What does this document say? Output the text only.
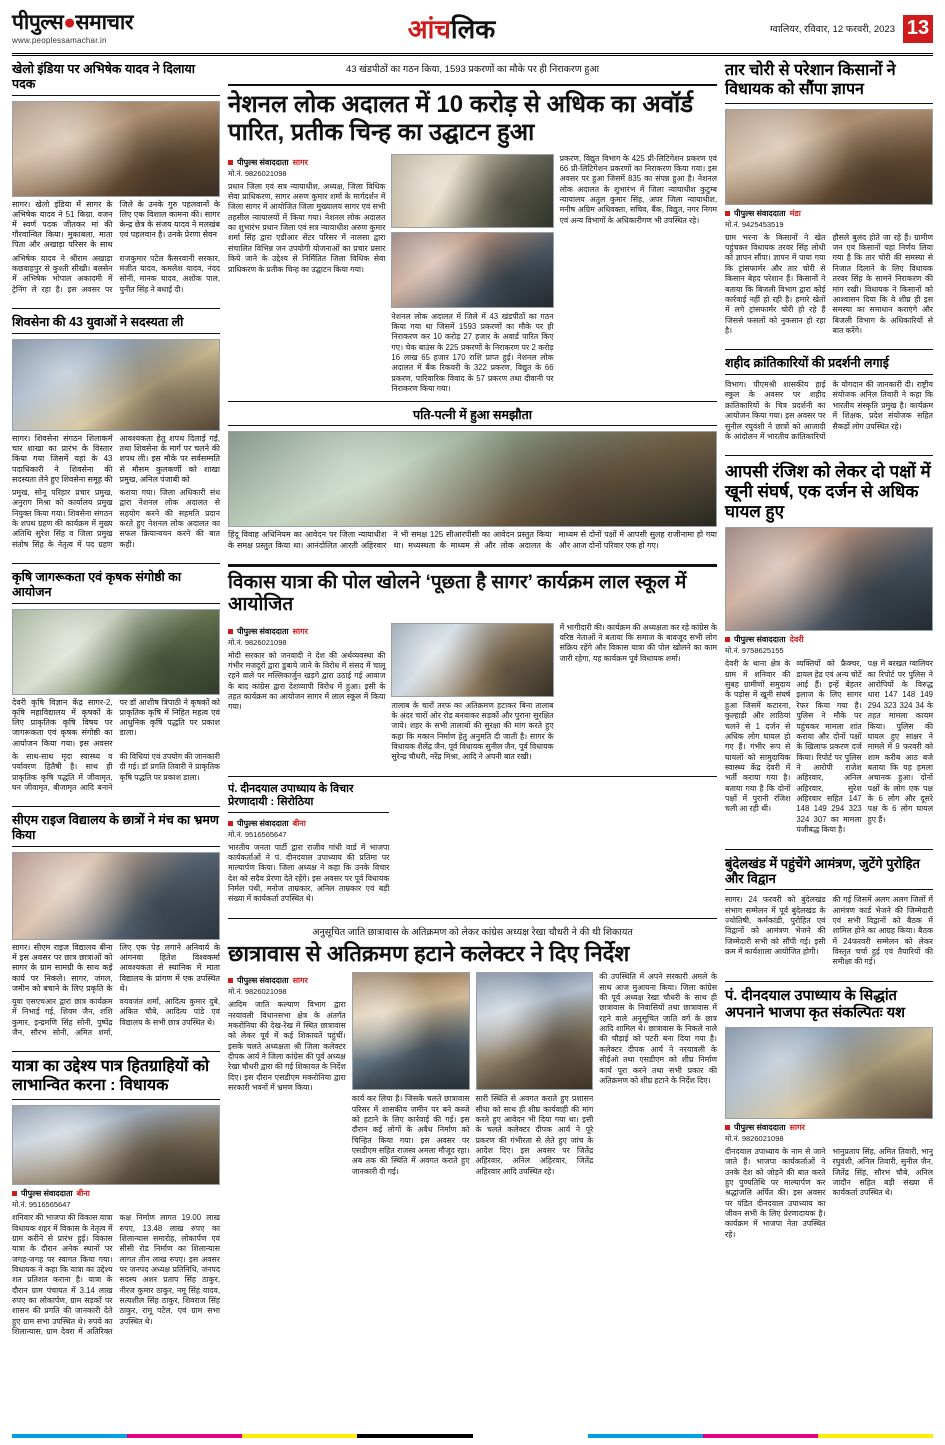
पीपुल्स●समाचार
www.peoplessamachar.in	आंचलिक	ग्वालियर, रविवार, 12 फरवरी, 2023 13
खेलो इंडिया पर अभिषेक यादव ने दिलाया पदक
सागर। खेलो इंडिया में सागर के अभिषेक यादव ने 51 किग्रा. वजन में स्वर्ण पदक जीतकर मां की गौरवान्वित किया। मुकाबला, माता पिता और अखाड़ा परिसर के साथ जिले के उनके गुरु पहलवानों के लिए एक विशाल कामना की। सागर केन्द्र छेत्र के संजय यादव ने मलखंब एवं पहलवान है। उनके प्रेरणा सेवन
अभिषेक यादव ने श्रीराम अखाड़ा कछवाहपुर से कुश्ती सीखी। बलसेन में अभिषेक भोपाल अकादमी में ट्रेनिंग ले रहा है। इस अवसर पर राजकुमार पटेल कैसरवानी सरकार, मंजीत यादव, कमलेश यादव, नंदद सोनी, मानक यादव, अशोक पाल, पुनीत सिंह ने बधाई दी।
शिवसेना की 43 युवाओं ने सदस्यता ली
सागर। शिवसेना संगठन शिलाकर्म चार शाखा का प्रारंभ के विस्तार किया गया जिसमें यहां के 43 पदाधिकारी ने शिवसेना की सदस्यता लेने हुए शिवसेना समूह की आवश्यकता हेतु शपथ दिलाई गई, तथा शिवसेना के मार्ग पर चलने की शपथ ली। इस मौके पर सर्वसम्मति से मौसम कुलकर्णी को शाखा प्रमुख, अनिल पंजाबी को
प्रमुख, सोनू परिहार प्रचार प्रमुख, अनुराग मिश्रा को कार्यालय प्रमुख नियुक्त किया गया। शिवसेना संगठन के शपथ ग्रहण की कार्यक्रम में मुख्य अतिथि सुरेश सिंह व जिला प्रमुख संतोष सिंह के नेतृत्व में पद ग्रहण कराया गया। जिला अधिकारी संध द्वारा नेशनल लोक अदालत से सहयोग करने की सहमति प्रदान करते हुए नेशनल लोक अदालत का सफल क्रियान्वयन करने की बात कही।
कृषि जागरूकता एवं कृषक संगोष्ठी का आयोजन
देवरी कृषि विज्ञान केंद्र सागर-2, कृषि महाविद्यालय में कृषकों के लिए प्राकृतिक कृषि विषय पर जागरूकता एवं कृषक संगोष्ठी का आयोजन किया गया। इस अवसर पर डॉ आशीष त्रिपाठी ने कृषकों को प्राकृतिक कृषि में निहित महत्व एवं आधुनिक कृषि पद्धति पर प्रकाश डाला।
के साथ-साथ मृदा स्वास्थ्य व पर्यावरण हितैषी है। साथ ही प्राकृतिक कृषि पद्धति में जीवामृत, घन जीवामृत, बीजामृत आदि बनाने की विधियां एवं उपयोग की जानकारी दी गई। डॉ प्रगति तिवारी ने प्राकृतिक कृषि पद्धति पर प्रकाश डाला।
सीएम राइज विद्यालय के छात्रों ने मंच का भ्रमण किया
सागर। सीएम राइज विद्यालय बीना में इस अवसर पर छात्र छात्राओं को सागर के ग्राम सामग्री के साथ कई कार्य पर निकले। सागर, जंगल, जमीन को बचाने के लिए प्रकृति के लिए एक पेड़ लगाने अनिवार्य के आंगनवा हितेश विश्वकर्मा आवश्यकता से स्थानिक में माता विद्यालय के प्रांगण में एक उपस्थित थे।
युवा एसएचआर द्वारा छात्र कार्यक्रम में निभाई गई, शिवम जैन, शशि कुमार, इन्द्रमणि सिंह सोनी, पुष्पेंद्र जैन, सौरभ सोनी, अमित शर्मा, वयवजंत शर्मा, आदित्य कुमार दुबे, अंकित चौबे, आदित्य पांडे एवं विद्यालय के सभी छात्र उपस्थित थे।
यात्रा का उद्देश्य पात्र हितग्राहियों को लाभान्वित करना : विधायक
पीपुल्स संवाददाता बीना
मो.नं. 9516565647
शनिवार की भाजपा की विकास यात्रा विधायक शहर में विकास के नेतृत्व में ग्राम करीने से प्रारंभ हुई। विकास यात्रा के दौरान अनेक स्थानों पर जगह-जगह पर स्वागत किया गया। विधायक ने कहा कि यात्रा का उद्देश्य शत प्रतिशत कराना है। यात्रा के दौरान ग्राम पंचायत में 3.14 लाख रुपए का लोकार्पण, ग्राम सड़कों पर शासन की प्रगति की जानकारी देते हुए ग्राम सभा उपस्थित थे। रुपये का शिलान्यास, ग्राम देवरा में अतिरिक्त कक्ष निर्माण लागत 19.00 लाख रुपए, 13.48 लाख रुपए का शिलान्यास समारोह, लोकार्पण एवं सीसी रोड निर्माण का शिलान्यास लागत तीन लाख रुपए। इस अवसर पर जनपद अध्यक्ष प्रतिनिधि, जनपद सदस्य अशर प्रताप सिंह ठाकुर, नीरज कुमार ठाकुर, नमू सिंह यादव, सत्यशील सिंह ठाकुर, शिवराज सिंह ठाकुर, रामू पटेल, एवं ग्राम सभा उपस्थित थे।
43 खंडपीठों का गठन किया, 1593 प्रकरणों का मौके पर ही निराकरण हुआ
नेशनल लोक अदालत में 10 करोड़ से अधिक का अवॉर्ड पारित, प्रतीक चिन्ह का उद्घाटन हुआ
पीपुल्स संवाददाता सागर
मो.नं. 9826021098
प्रधान जिला एवं सत्र न्यायाधीश, अध्यक्ष, जिला विधिक सेवा प्राधिकरण, सागर अरुण कुमार शर्मा के मार्गदर्शन में जिला सागर में आयोजित जिला मुख्यालय सागर एवं सभी तहसील न्यायालयों में किया गया। नेशनल लोक अदालत का शुभारंभ प्रधान जिला एवं सत्र न्यायाधीश अरुण कुमार शर्मा सिंह द्वारा एडीआर सेंटर परिसर में नालसा द्वारा संचालित विभिन्न जन उपयोगी योजनाओं का प्रचार प्रसार किये जाने के उद्देश्य से निर्मितित जिला विधिक सेवा प्राधिकरण के प्रतीक चिन्ह का उद्घाटन किया गया।
नेशनल लोक अदालत में जिले में 43 खंडपीठों का गठन किया गया था जिसमें 1593 प्रकरणों का मौके पर ही निराकरण कर 10 करोड़ 27 हजार के अवार्ड पारित किए गए। चेक बाउंस के 225 प्रकरणों के निराकरण पर 2 करोड़ 16 लाख 65 हजार 170 राशि प्राप्त हुई। नेशनल लोक अदालत में बैंक रिकवरी के 322 प्रकरण, विद्युत के 66 प्रकरण, पारिवारिक विवाद के 57 प्रकरण तथा दीवानी पर निराकरण किया गया।
प्रकरण, विद्युत विभाग के 425 प्री-लिटिगेशन प्रकरण एवं 66 प्री-लिटिगेशन प्रकरणों का निराकरण किया गया। इस अवसर पर हुआ जिसमें 835 का संपन्न हुआ है। नेशनल लोक अदालत के शुभारंभ में जिला न्यायाधीश कुटुम्ब न्यायालय अतुल कुमार सिंह, अपर जिला न्यायाधीश, मनीष अग्रिम अधिवक्ता, सचिव, बैंक, विद्युत, नगर निगम एवं अन्य विभागों के अधिकारीगण भी उपस्थित रहे।
पति-पत्नी में हुआ समझौता
हिंदू विवाह अधिनियम का आवेदन पर जिला न्यायाधीश के समक्ष प्रस्तुत किया था। आनंदोलित आरती अहिरवार ने भी समक्ष 125 सीआरपीसी का आवेदन प्रस्तुत किया था। मध्यस्थता के माध्यम से और लोक अदालत के माध्यम से दोनों पक्षों में आपसी सुलह राजीनामा हो गया और आज दोनों परिवार एक हो गए।
विकास यात्रा की पोल खोलने ‘पूछता है सागर’ कार्यक्रम लाल स्कूल में आयोजित
पीपुल्स संवाददाता सागर
मो.नं. 9826021098
मोदी सरकार को जनवादी ने देश की अर्थव्यवस्था की गंभीर मजदूरों द्वारा डुबाये जाने के विरोध में संसद में चालू रहने वाले पर मल्लिकार्जुन खड़गे द्वारा उठाई गई आवाज के बाद कांग्रेस द्वारा देशव्यापी विरोध में हुआ। इसी के तहत कार्यक्रम का आयोजन सागर में लाल स्कूल में किया गया।	तालाब के चारों तरफ का अतिक्रमण हटाकर बिना तालाब के अंदर चारों ओर रोड बनवाकर सड़कों और पुराना सुरक्षित जाये। शहर के सभी तालाबों की सुरक्षा की मांग करते हुए कहा कि मकान निर्माण हेतु अनुमति दी जाती है। सागर के विधायक शैलेंद्र जैन, पूर्व विधायक सुनील जैन, पूर्व विधायक सुरेन्द्र चौधरी, नरेंद्र मिश्रा, आदि ने अपनी बात रखी।
में भागीदारी की। कार्यक्रम की अध्यक्षता कर रहे कांग्रेस के वरिष्ठ नेताओं ने बताया कि समाज के बावजूद सभी लोग सक्रिय रहेंगे और विकास यात्रा की पोल खोलने का काम जारी रहेगा, यह कार्यक्रम पूर्व विधायक शर्मा।
पं. दीनदयाल उपाध्याय के विचार प्रेरणादायी : सिरोठिया
पीपुल्स संवाददाता बीना
मो.नं. 9516565647
भारतीय जनता पार्टी द्वारा राजीव गांधी वार्ड में भाजपा कार्यकर्ताओं ने पं. दीनदयाल उपाध्याय की प्रतिमा पर माल्यार्पण किया। जिला अध्यक्ष ने कहा कि उनके विचार देश को सदैव प्रेरणा देते रहेंगे। इस अवसर पर पूर्व विधायक निर्मल पंथी, मनोज ताम्रकार, अनिल ताम्रकार एवं बड़ी संख्या में कार्यकर्ता उपस्थित थे।
अनुसूचित जाति छात्रावास के अतिक्रमण को लेकर कांग्रेस अध्यक्ष रेखा चौधरी ने की थी शिकायत
छात्रावास से अतिक्रमण हटाने कलेक्टर ने दिए निर्देश
पीपुल्स संवाददाता सागर
मो.नं. 9826021098
आदिम जाति कल्याण विभाग द्वारा नरयावली विधानसभा क्षेत्र के अंतर्गत मकरोनिया की देख-रेख में स्थित छात्रावास को लेकर पूर्व में कई शिकायतें पहुंचीं। इसके चलते अध्यक्षता श्री जिला कलेक्टर दीपक आर्य ने जिला कांग्रेस की पूर्व अध्यक्ष रेखा चौधरी द्वारा की गई शिकायत के निर्देश दिए। इस दौरान एसडीएम मकरोनिया द्वारा सरकारी भवनों में भ्रमण किया।
कार्य कर लिया है। जिसके चलते छात्रावास परिसर में शासकीय जमीन पर बने कब्जे को हटाने के लिए कार्रवाई की गई। इस दौरान कई लोगों के अवैध निर्माण को चिन्हित किया गया। इस अवसर पर एसडीएम सहित राजस्व अमला मौजूद रहा। अब तक की स्थिति में अवगत कराते हुए जानकारी दी गई।
सारी स्थिति से अवगत कराते हुए प्रशासन सीधा को साथ ही शीघ्र कार्यवाही की मांग करते हुए आवेदन भी दिया गया था। इसी के चलते कलेक्टर दीपक आर्य ने पूरे प्रकरण की गंभीरता से लेते हुए जांच के आदेश दिए। इस अवसर पर जितेंद्र अहिरवार, अनिल अहिरवार, जितेंद्र अहिरवार आदि उपस्थित रहे।
की उपस्थिति में अपने सरकारी अमले के साथ आज मुआयना किया। जिला कांग्रेस की पूर्व अध्यक्ष रेखा चौधरी के साथ ही छात्रावास के निवासियों तथा छात्रावास में रहने वाले अनुसूचित जाति वर्ग के छात्र आदि शामिल थे। छात्रावास के निकले नाले की चौड़ाई को पटरी बना दिया गया है। कलेक्टर दीपक आर्य ने नरयावली के सीईओ तथा एसडीएम को शीघ्र निर्माण कार्य पूरा करने तथा सभी प्रकार की अतिक्रमण को शीघ्र हटाने के निर्देश दिए।
तार चोरी से परेशान किसानों ने विधायक को सौंपा ज्ञापन
पीपुल्स संवाददाता मंडा
मो.नं. 9425453519
ग्राम भरना के किसानों ने खेत पहुंचकर विधायक तरवर सिंह लोधी को ज्ञापन सौंपा। ज्ञापन में पाया गया कि ट्रांसफार्मर और तार चोरी से किसान बेहद परेशान हैं। किसानों ने बताया कि बिजली विभाग द्वारा कोई कार्रवाई नहीं हो रही है। हमारे खेतों में लगे ट्रांसफार्मर चोरी हो रहे हैं जिससे फसलों को नुकसान हो रहा है।
हौसले बुलंद होते जा रहे हैं। ग्रामीण जन एवं किसानों यहां निर्णय लिया गया है कि तार चोरी की समस्या से निजात दिलाने के लिए विधायक तरवर सिंह के सामने निराकरण की मांग रखी। विधायक ने किसानों को आश्वासन दिया कि वे शीघ्र ही इस समस्या का समाधान कराएंगे और बिजली विभाग के अधिकारियों से बात करेंगे।
शहीद क्रांतिकारियों की प्रदर्शनी लगाई
विभाग। पीएमश्री शासकीय हाई स्कूल के अवसर पर शहीद क्रांतिकारियों के चित्र प्रदर्शनी का आयोजन किया गया। इस अवसर पर सुनील रघुवंशी ने छात्रों को आजादी के आंदोलन में भारतीय क्रांतिकारियों के योगदान की जानकारी दी। राष्ट्रीय संयोजक अनिल तिवारी ने कहा कि भारतीय संस्कृति प्रमुख है। कार्यक्रम में शिक्षक, प्रदेश संयोजक सहित सैकड़ों लोग उपस्थित रहे।
आपसी रंजिश को लेकर दो पक्षों में खूनी संघर्ष, एक दर्जन से अधिक घायल हुए
पीपुल्स संवाददाता देवरी
मो.नं. 9758625155
देवरी के थाना क्षेत्र के ग्राम में शनिवार की सुबह ग्रामीणों समुदाय के पड़ोस में खूनी संघर्ष हुआ जिसमें कटारना, कुल्हाड़ी और लाठियां चलने से 1 दर्जन से अधिक लोग घायल हो गए हैं। गंभीर रूप से घायलों को सामुदायिक स्वास्थ्य केंद्र देवरी में भर्ती कराया गया है। बताया गया है कि दोनों पक्षों में पुरानी रंजिश चली आ रही थी।
व्यक्तियों को फ्रैक्चर, डायल हेड एवं अन्य चोटें आई हैं। इन्हें बेहतर इलाज के लिए सागर रेफर किया गया है। पुलिस ने मौके पर पहुंचकर मामला शांत कराया और दोनों पक्षों के खिलाफ प्रकरण दर्ज किया। रिपोर्ट पर पुलिस ने आरोपी राजेश अहिरवार, अनिल अहिरवार, सुरेश अहिरवार सहित 147 148 149 294 323 324 307 का मामला पंजीबद्ध किया है।
पक्ष में बरखत ग्वालियर का रिपोर्ट पर पुलिस ने आरोपियों के विरुद्ध धारा 147 148 149 294 323 324 34 के तहत मामला कायम किया। पुलिस की घायल हुए साक्षर ने मामले में 9 फरवरी को शाम करीब आठ बजे बताया कि यह हमला अचानक हुआ। दोनों पक्षों के लोग एक पक्ष के 6 लोग और दूसरे पक्ष के 6 लोग घायल हुए हैं।
बुंदेलखंड में पहुंचेंगे आमंत्रण, जुटेंगे पुरोहित और विद्वान
सागर। 24 फरवरी को बुंदेलखंड संभाग सम्मेलन में पूर्व बुंदेलखंड के ज्योतिषी, कर्मकांडी, पुरोहित एवं विद्वानों को आमंत्रण भेजने की जिम्मेदारी सभी को सौंपी गई। इसी क्रम में कार्यशाला आयोजित होगी।
की गई जिसमें अलग अलग जिलों में आमंत्रण कार्ड भेजने की जिम्मेदारी एवं सभी विद्वानों को बैठक में शामिल होने का आग्रह किया। बैठक में 24फरवरी सम्मेलन को लेकर विस्तृत चर्चा हुई एवं तैयारियों की समीक्षा की गई।
पं. दीनदयाल उपाध्याय के सिद्धांत अपनाने भाजपा कृत संकल्पितः यश
पीपुल्स संवाददाता सागर
मो.नं. 9826021098
दीनदयाल उपाध्याय के नाम से जाने जाते हैं। भाजपा कार्यकर्ताओं ने उनके देश को जोड़ने की बात करते हुए पुण्यतिथि पर माल्यार्पण कर श्रद्धांजलि अर्पित की। इस अवसर पर पंडित दीनदयाल उपाध्याय का जीवन सभी के लिए प्रेरणादायक है। कार्यक्रम में भाजपा नेता उपस्थित रहे।
भानुप्रताप सिंह, अमित तिवारी, भानु रघुवंशी, अनिल तिवारी, सुनील जैन, जितेंद्र सिंह, सौरभ चौबे, अनिल जादौन सहित बड़ी संख्या में कार्यकर्ता उपस्थित थे।
